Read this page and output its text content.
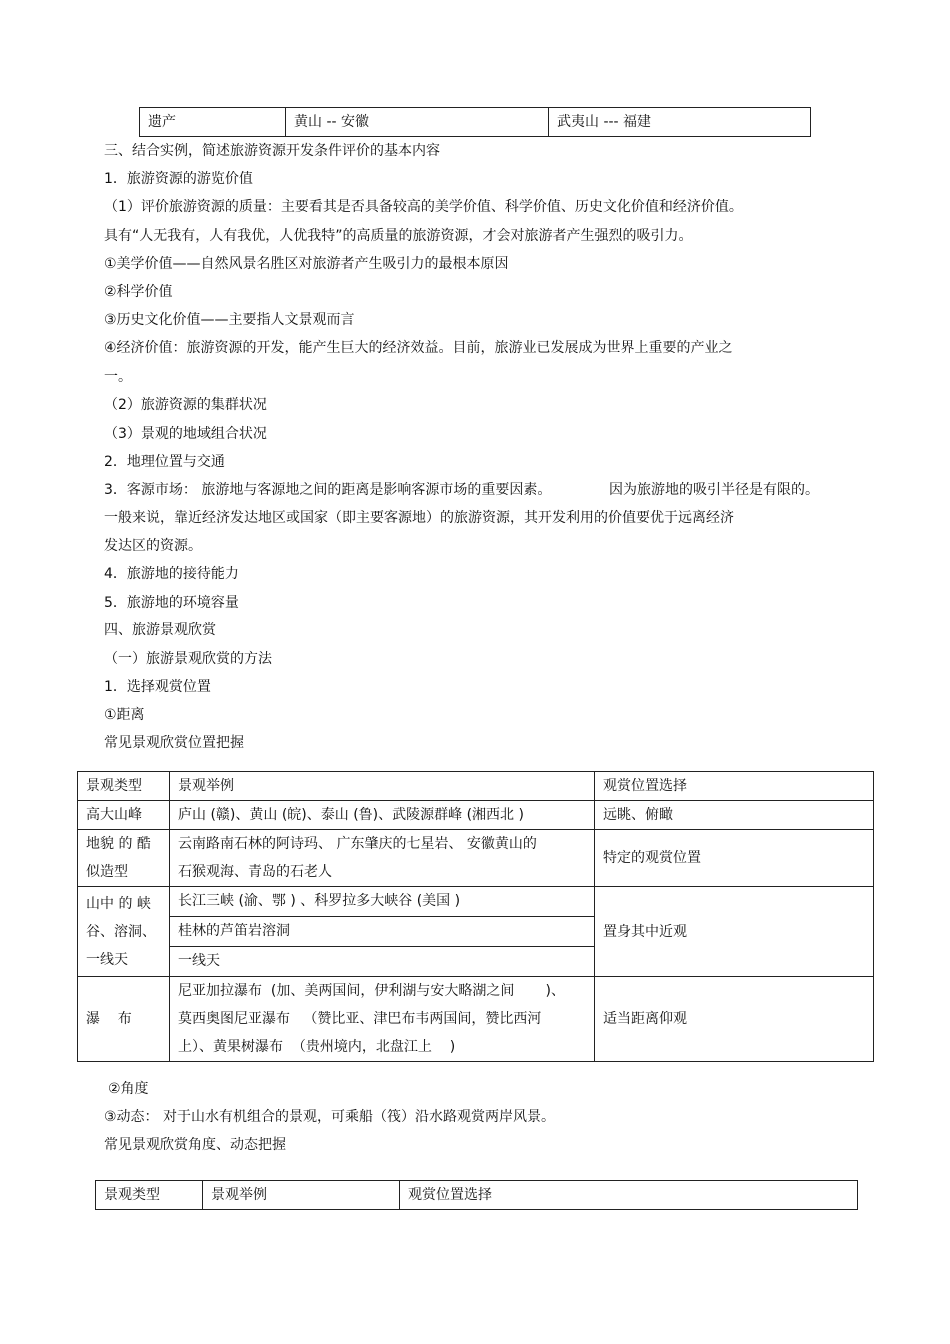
遗产	黄山 -- 安徽	武夷山 --- 福建
三、结合实例，简述旅游资源开发条件评价的基本内容
1．旅游资源的游览价值
（1）评价旅游资源的质量：主要看其是否具备较高的美学价值、科学价值、历史文化价值和经济价值。
具有“人无我有，人有我优，人优我特”的高质量的旅游资源，才会对旅游者产生强烈的吸引力。
①美学价值——自然风景名胜区对旅游者产生吸引力的最根本原因
②科学价值
③历史文化价值——主要指人文景观而言
④经济价值：旅游资源的开发，能产生巨大的经济效益。目前，旅游业已发展成为世界上重要的产业之
一。
（2）旅游资源的集群状况
（3）景观的地域组合状况
2．地理位置与交通
3．客源市场： 旅游地与客源地之间的距离是影响客源市场的重要因素。	因为旅游地的吸引半径是有限的。
一般来说，靠近经济发达地区或国家（即主要客源地）的旅游资源，其开发利用的价值要优于远离经济
发达区的资源。
4．旅游地的接待能力
5．旅游地的环境容量
四、旅游景观欣赏
（一）旅游景观欣赏的方法
1．选择观赏位置
①距离
常见景观欣赏位置把握
景观类型	景观举例	观赏位置选择
高大山峰	庐山 (赣)、黄山 (皖)、泰山 (鲁)、武陵源群峰 (湘西北 )	远眺、俯瞰
地貌 的 酷似造型	云南路南石林的阿诗玛、 广东肇庆的七星岩、 安徽黄山的
石猴观海、青岛的石老人	特定的观赏位置
山中 的 峡谷、溶洞、一线天	长江三峡 (渝、鄂 ) 、科罗拉多大峡谷 (美国 )
桂林的芦笛岩溶洞
一线天	置身其中近观
瀑    布	尼亚加拉瀑布  (加、美两国间，伊利湖与安大略湖之间       )、
莫西奥图尼亚瀑布   （赞比亚、津巴布韦两国间，赞比西河
上）、黄果树瀑布  （贵州境内，北盘江上    )	适当距离仰观
②角度
③动态： 对于山水有机组合的景观，可乘船（筏）沿水路观赏两岸风景。
常见景观欣赏角度、动态把握
景观类型	景观举例	观赏位置选择
